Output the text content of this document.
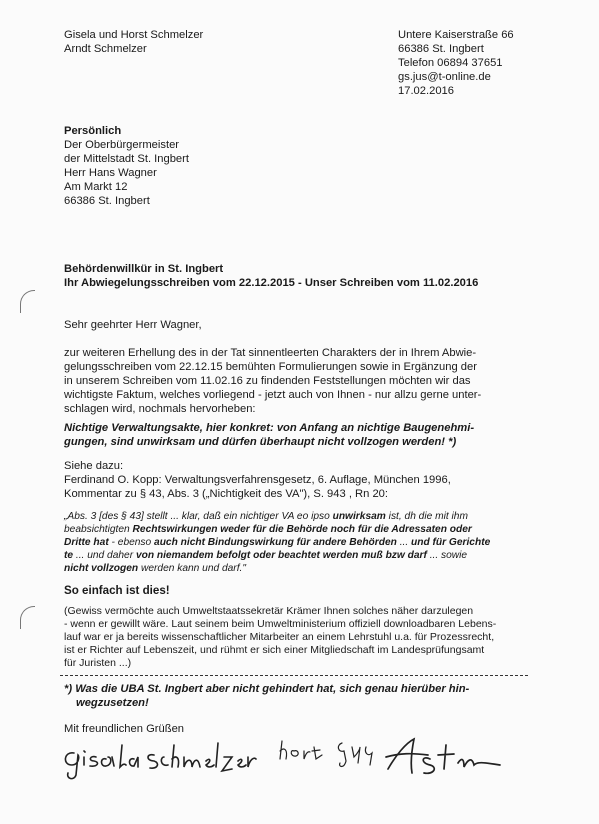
Gisela und Horst Schmelzer
Arndt Schmelzer
Untere Kaiserstraße 66
66386 St. Ingbert
Telefon 06894 37651
gs.jus@t-online.de
17.02.2016
Persönlich
Der Oberbürgermeister
der Mittelstadt St. Ingbert
Herr Hans Wagner
Am Markt 12
66386 St. Ingbert
Behördenwillkür in St. Ingbert
Ihr Abwiegelungsschreiben vom 22.12.2015 - Unser Schreiben vom 11.02.2016
Sehr geehrter Herr Wagner,
zur weiteren Erhellung des in der Tat sinnentleerten Charakters der in Ihrem Abwie-
gelungsschreiben vom 22.12.15 bemühten Formulierungen sowie in Ergänzung der
in unserem Schreiben vom 11.02.16 zu findenden Feststellungen möchten wir das
wichtigste Faktum, welches vorliegend - jetzt auch von Ihnen - nur allzu gerne unter-
schlagen wird, nochmals hervorheben:
Nichtige Verwaltungsakte, hier konkret: von Anfang an nichtige Baugenehmi-
gungen, sind unwirksam und dürfen überhaupt nicht vollzogen werden! *)
Siehe dazu:
Ferdinand O. Kopp: Verwaltungsverfahrensgesetz, 6. Auflage, München 1996,
Kommentar zu § 43, Abs. 3 („Nichtigkeit des VA"), S. 943 , Rn 20:
„Abs. 3 [des § 43] stellt ... klar, daß ein nichtiger VA eo ipso unwirksam ist, dh die mit ihm
beabsichtigten Rechtswirkungen weder für die Behörde noch für die Adressaten oder
Dritte hat - ebenso auch nicht Bindungswirkung für andere Behörden ... und für Gerichte
te ... und daher von niemandem befolgt oder beachtet werden muß bzw darf ... sowie
nicht vollzogen werden kann und darf."
So einfach ist dies!
(Gewiss vermöchte auch Umweltstaatssekretär Krämer Ihnen solches näher darzulegen
- wenn er gewillt wäre. Laut seinem beim Umweltministerium offiziell downloadbaren Lebens-
lauf war er ja bereits wissenschaftlicher Mitarbeiter an einem Lehrstuhl u.a. für Prozessrecht,
ist er Richter auf Lebenszeit, und rühmt er sich einer Mitgliedschaft im Landesprüfungsamt
für Juristen ...)
*) Was die UBA St. Ingbert aber nicht gehindert hat, sich genau hierüber hin-
wegzusetzen!
Mit freundlichen Grüßen
